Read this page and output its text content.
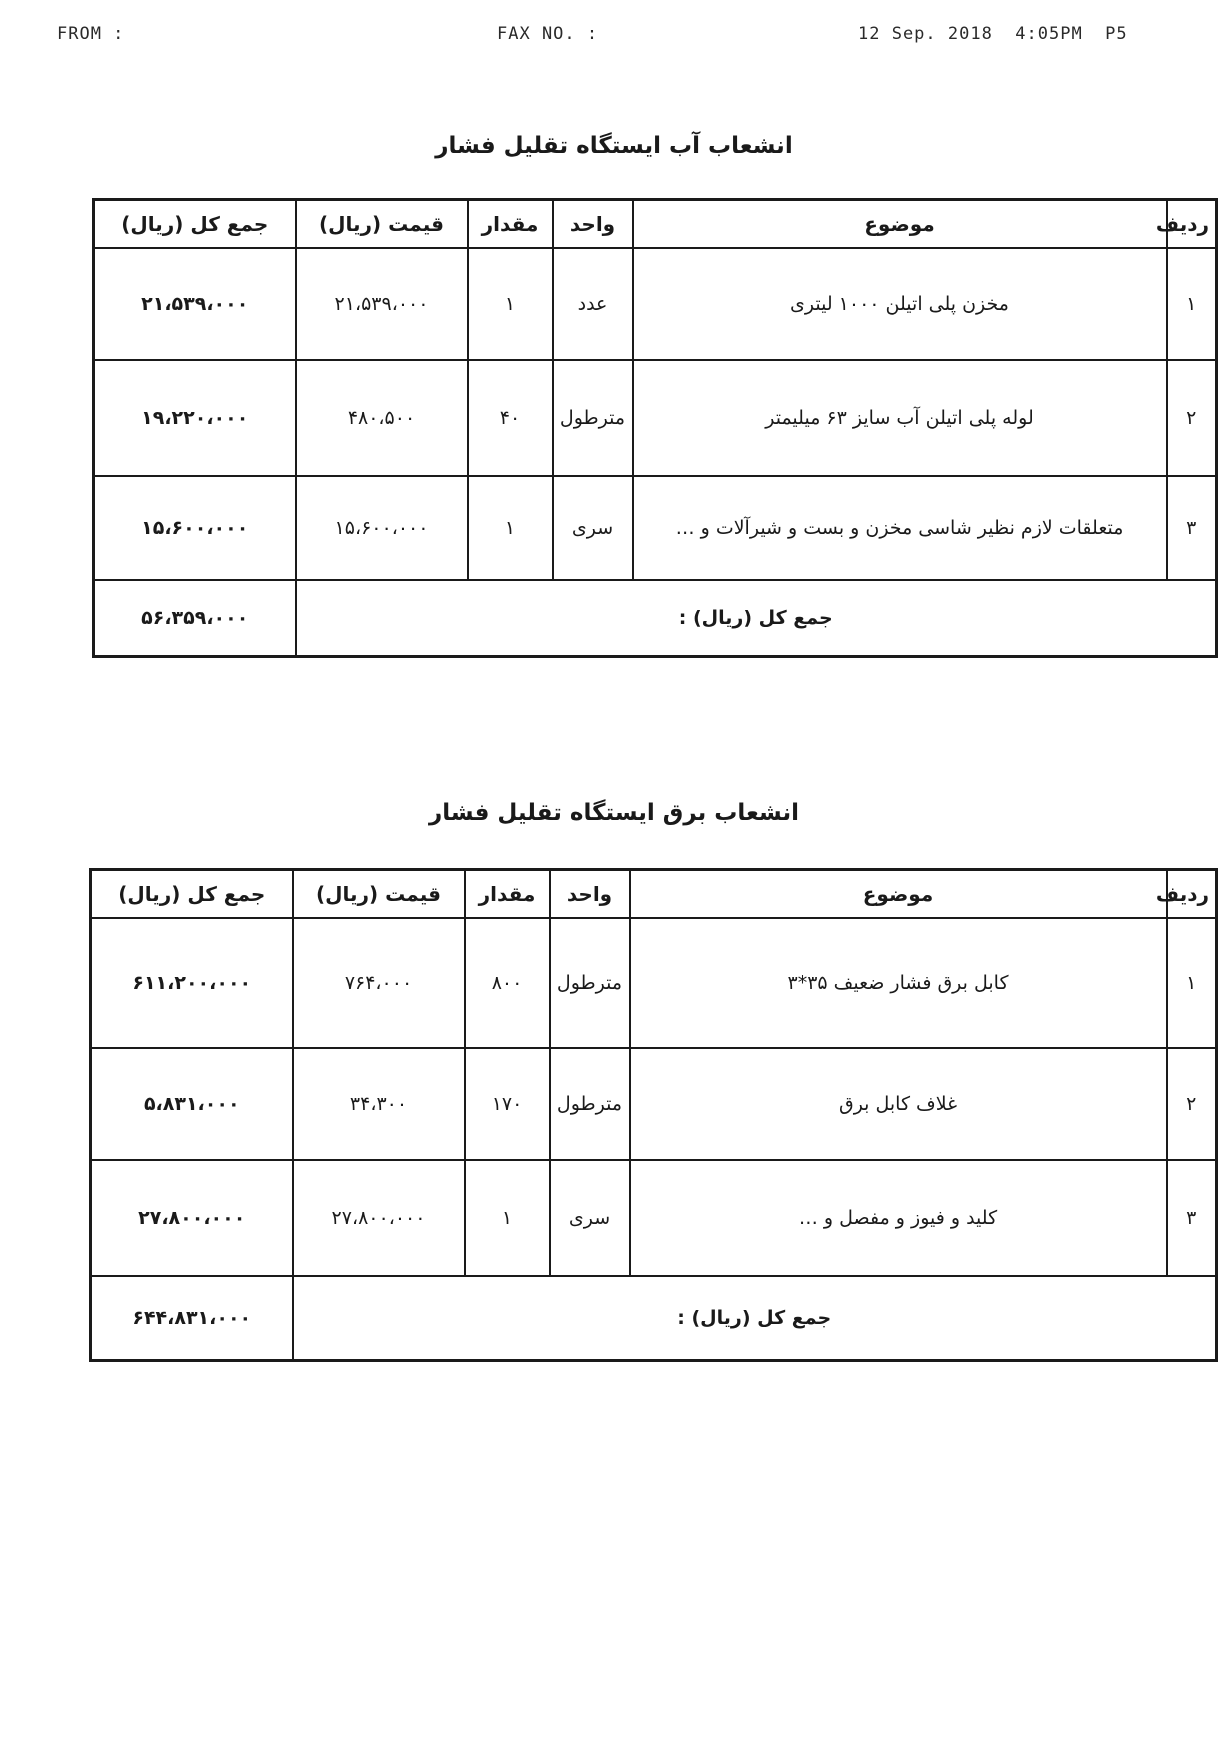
FROM :	FAX NO. :	12 Sep. 2018  4:05PM  P5
انشعاب آب ایستگاه تقلیل فشار
ردیف	موضوع	واحد	مقدار	قیمت (ریال)	جمع کل (ریال)
۱	مخزن پلی اتیلن ۱۰۰۰ لیتری	عدد	۱	۲۱،۵۳۹،۰۰۰	۲۱،۵۳۹،۰۰۰
۲	لوله پلی اتیلن آب سایز ۶۳ میلیمتر	مترطول	۴۰	۴۸۰،۵۰۰	۱۹،۲۲۰،۰۰۰
۳	متعلقات لازم نظیر شاسی مخزن و بست و شیرآلات و …	سری	۱	۱۵،۶۰۰،۰۰۰	۱۵،۶۰۰،۰۰۰
جمع کل (ریال) :					۵۶،۳۵۹،۰۰۰
انشعاب برق ایستگاه تقلیل فشار
ردیف	موضوع	واحد	مقدار	قیمت (ریال)	جمع کل (ریال)
۱	کابل برق فشار ضعیف ۳۵*۳	مترطول	۸۰۰	۷۶۴،۰۰۰	۶۱۱،۲۰۰،۰۰۰
۲	غلاف کابل برق	مترطول	۱۷۰	۳۴،۳۰۰	۵،۸۳۱،۰۰۰
۳	کلید و فیوز و مفصل و …	سری	۱	۲۷،۸۰۰،۰۰۰	۲۷،۸۰۰،۰۰۰
جمع کل (ریال) :					۶۴۴،۸۳۱،۰۰۰
